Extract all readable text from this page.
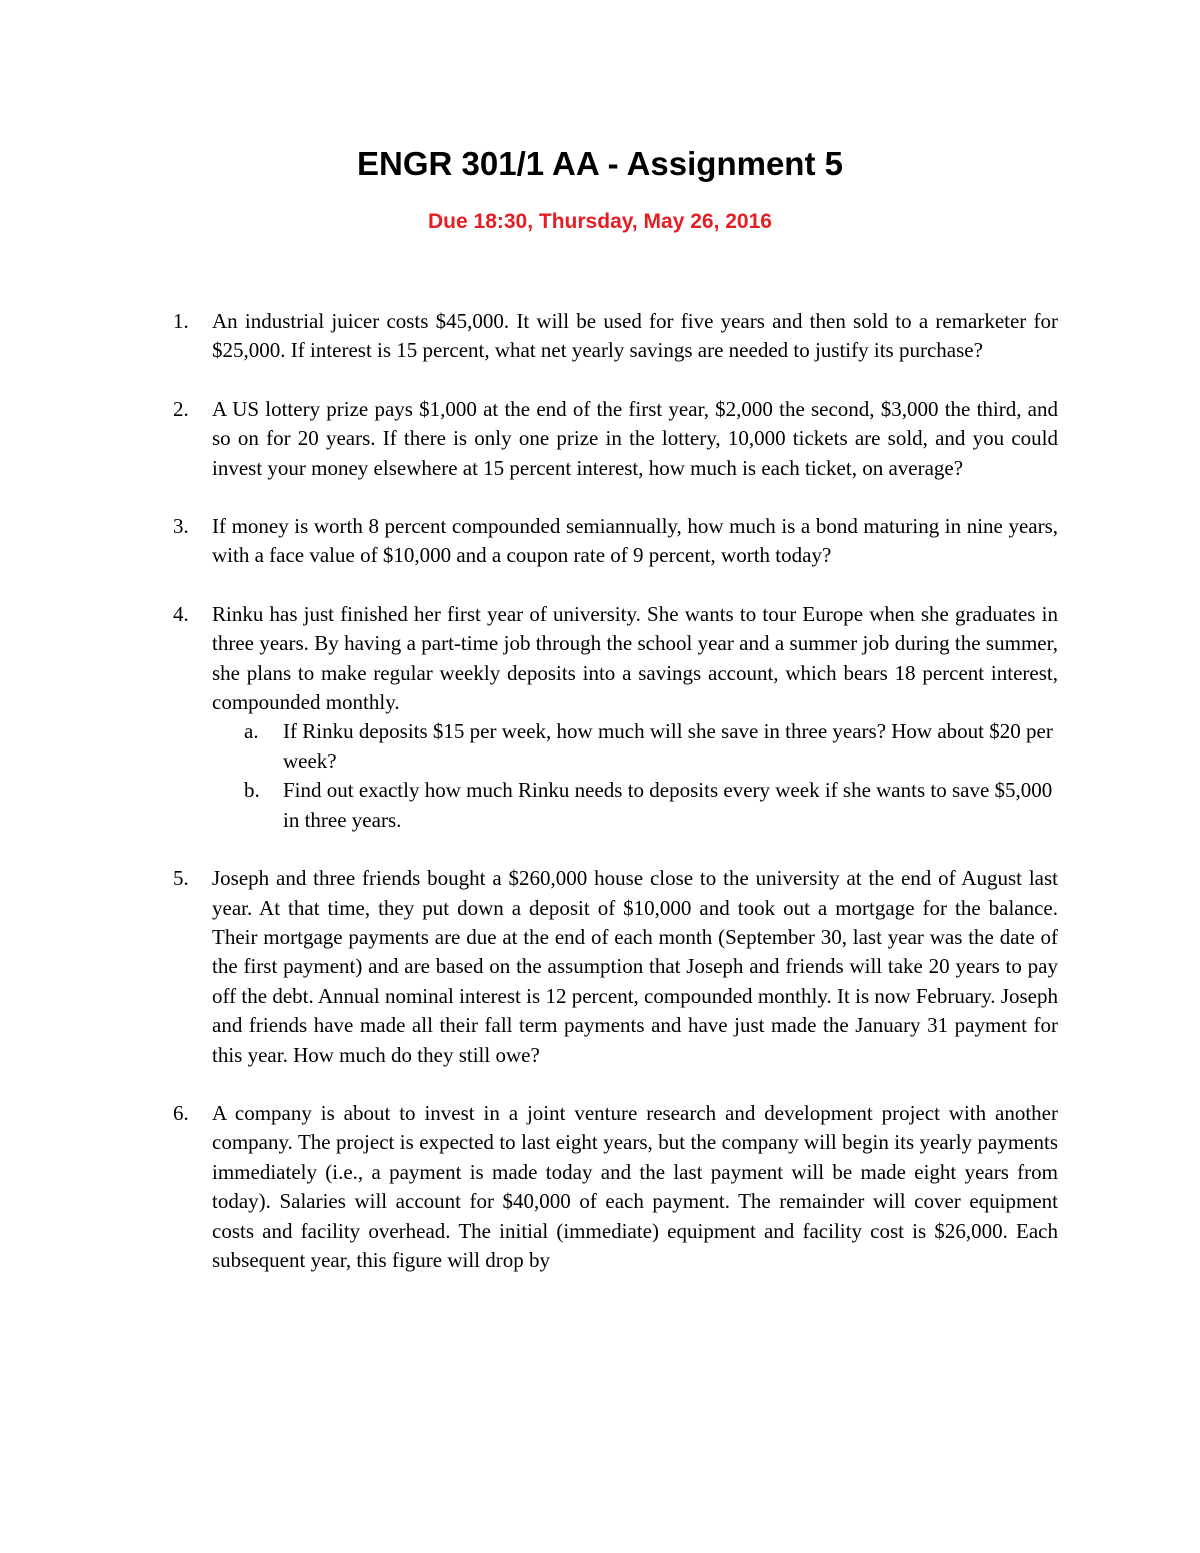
ENGR 301/1 AA - Assignment 5
Due 18:30, Thursday, May 26, 2016
1. An industrial juicer costs $45,000. It will be used for five years and then sold to a remarketer for $25,000. If interest is 15 percent, what net yearly savings are needed to justify its purchase?

2. A US lottery prize pays $1,000 at the end of the first year, $2,000 the second, $3,000 the third, and so on for 20 years. If there is only one prize in the lottery, 10,000 tickets are sold, and you could invest your money elsewhere at 15 percent interest, how much is each ticket, on average?

3. If money is worth 8 percent compounded semiannually, how much is a bond maturing in nine years, with a face value of $10,000 and a coupon rate of 9 percent, worth today?

4. Rinku has just finished her first year of university. She wants to tour Europe when she graduates in three years. By having a part-time job through the school year and a summer job during the summer, she plans to make regular weekly deposits into a savings account, which bears 18 percent interest, compounded monthly.

a. If Rinku deposits $15 per week, how much will she save in three years? How about $20 per week?

b. Find out exactly how much Rinku needs to deposits every week if she wants to save $5,000 in three years.

5. Joseph and three friends bought a $260,000 house close to the university at the end of August last year. At that time, they put down a deposit of $10,000 and took out a mortgage for the balance. Their mortgage payments are due at the end of each month (September 30, last year was the date of the first payment) and are based on the assumption that Joseph and friends will take 20 years to pay off the debt. Annual nominal interest is 12 percent, compounded monthly. It is now February. Joseph and friends have made all their fall term payments and have just made the January 31 payment for this year. How much do they still owe?

6. A company is about to invest in a joint venture research and development project with another company. The project is expected to last eight years, but the company will begin its yearly payments immediately (i.e., a payment is made today and the last payment will be made eight years from today). Salaries will account for $40,000 of each payment. The remainder will cover equipment costs and facility overhead. The initial (immediate) equipment and facility cost is $26,000. Each subsequent year, this figure will drop by
